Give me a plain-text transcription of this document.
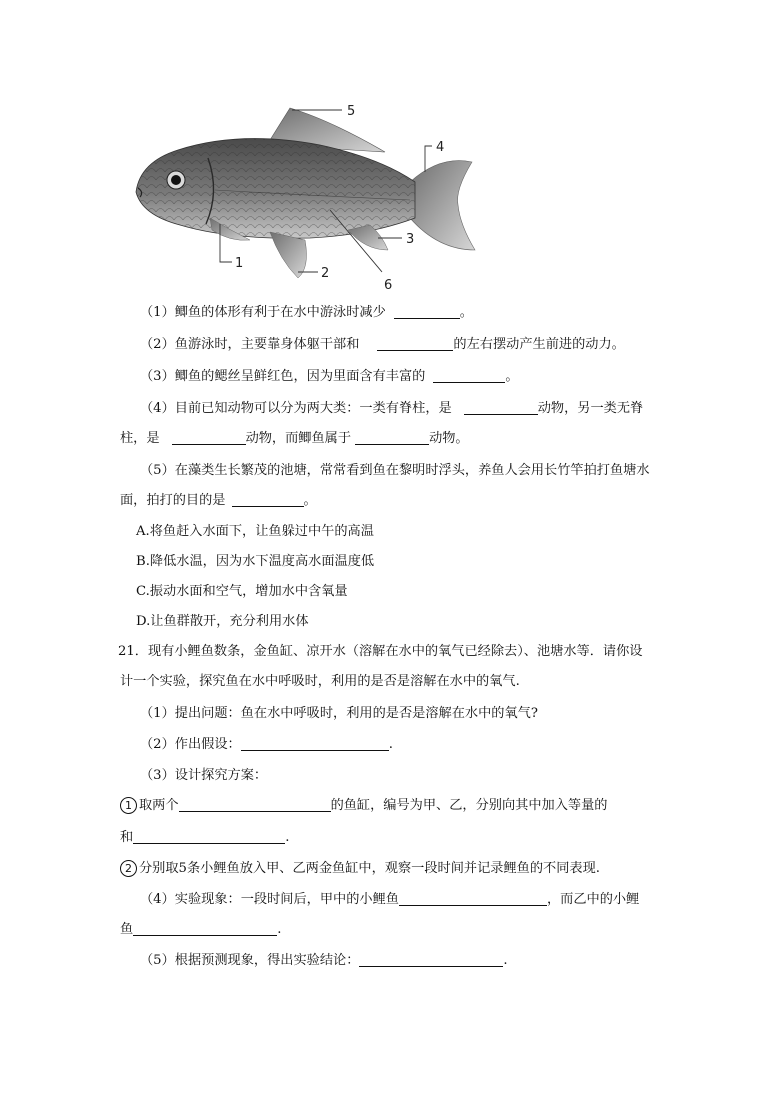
1
2
3
4
5
6
（1）鲫鱼的体形有利于在水中游泳时减少	。
（2）鱼游泳时，主要靠身体躯干部和	的左右摆动产生前进的动力。
（3）鲫鱼的鳃丝呈鲜红色，因为里面含有丰富的	。
（4）目前已知动物可以分为两大类：一类有脊柱，是	动物，另一类无脊
柱，是	动物，而鲫鱼属于	动物。
（5）在藻类生长繁茂的池塘，常常看到鱼在黎明时浮头，养鱼人会用长竹竿拍打鱼塘水
面，拍打的目的是	。
A.将鱼赶入水面下，让鱼躲过中午的高温
B.降低水温，因为水下温度高水面温度低
C.振动水面和空气，增加水中含氧量
D.让鱼群散开，充分利用水体
21．现有小鲤鱼数条，金鱼缸、凉开水（溶解在水中的氧气已经除去）、池塘水等．请你设
计一个实验，探究鱼在水中呼吸时，利用的是否是溶解在水中的氧气.
（1）提出问题：鱼在水中呼吸时，利用的是否是溶解在水中的氧气?
（2）作出假设：	.
（3）设计探究方案：
1 取两个	的鱼缸，编号为甲、乙，分别向其中加入等量的
和	.
2 分别取5条小鲤鱼放入甲、乙两金鱼缸中，观察一段时间并记录鲤鱼的不同表现.
（4）实验现象：一段时间后，甲中的小鲤鱼	，而乙中的小鲤
鱼	.
（5）根据预测现象，得出实验结论：	.
